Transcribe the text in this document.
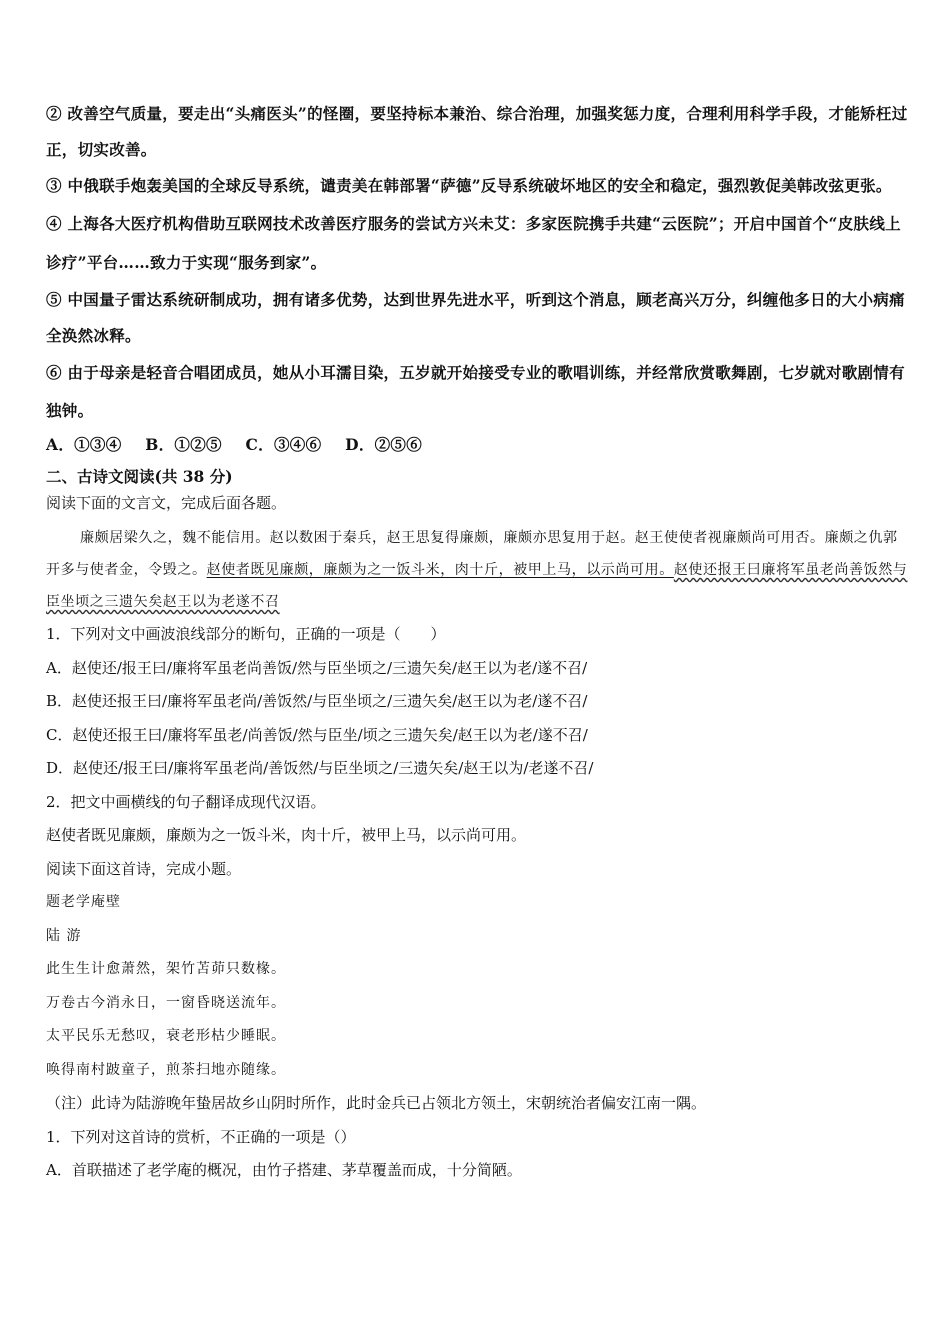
② 改善空气质量，要走出“头痛医头”的怪圈，要坚持标本兼治、综合治理，加强奖惩力度，合理利用科学手段，才能矫枉过正，切实改善。

③ 中俄联手炮轰美国的全球反导系统，谴责美在韩部署“萨德”反导系统破坏地区的安全和稳定，强烈敦促美韩改弦更张。

④ 上海各大医疗机构借助互联网技术改善医疗服务的尝试方兴未艾：多家医院携手共建“云医院”；开启中国首个“皮肤线上诊疗”平台……致力于实现“服务到家”。

⑤ 中国量子雷达系统研制成功，拥有诸多优势，达到世界先进水平，听到这个消息，顾老高兴万分，纠缠他多日的大小病痛全涣然冰释。

⑥ 由于母亲是轻音合唱团成员，她从小耳濡目染，五岁就开始接受专业的歌唱训练，并经常欣赏歌舞剧，七岁就对歌剧情有独钟。

A．①③④ B．①②⑤ C．③④⑥ D．②⑤⑥
二、古诗文阅读(共 38 分)

阅读下面的文言文，完成后面各题。

廉颇居梁久之，魏不能信用。赵以数困于秦兵，赵王思复得廉颇，廉颇亦思复用于赵。赵王使使者视廉颇尚可用否。廉颇之仇郭开多与使者金，令毁之。赵使者既见廉颇，廉颇为之一饭斗米，肉十斤，被甲上马，以示尚可用。赵使还报王曰廉将军虽老尚善饭然与臣坐顷之三遗矢矣赵王以为老遂不召

1．下列对文中画波浪线部分的断句，正确的一项是（　　）

A．赵使还/报王曰/廉将军虽老尚善饭/然与臣坐顷之/三遗矢矣/赵王以为老/遂不召/

B．赵使还报王曰/廉将军虽老尚/善饭然/与臣坐顷之/三遗矢矣/赵王以为老/遂不召/

C．赵使还报王曰/廉将军虽老/尚善饭/然与臣坐/顷之三遗矢矣/赵王以为老/遂不召/

D．赵使还/报王曰/廉将军虽老尚/善饭然/与臣坐顷之/三遗矢矣/赵王以为/老遂不召/

2．把文中画横线的句子翻译成现代汉语。

赵使者既见廉颇，廉颇为之一饭斗米，肉十斤，被甲上马，以示尚可用。

阅读下面这首诗，完成小题。

题老学庵壁

陆 游

此生生计愈萧然，架竹苫茆只数椽。

万卷古今消永日，一窗昏晓送流年。

太平民乐无愁叹，衰老形枯少睡眠。

唤得南村跛童子，煎茶扫地亦随缘。

（注）此诗为陆游晚年蛰居故乡山阴时所作，此时金兵已占领北方领土，宋朝统治者偏安江南一隅。

1．下列对这首诗的赏析，不正确的一项是（）

A．首联描述了老学庵的概况，由竹子搭建、茅草覆盖而成，十分简陋。
